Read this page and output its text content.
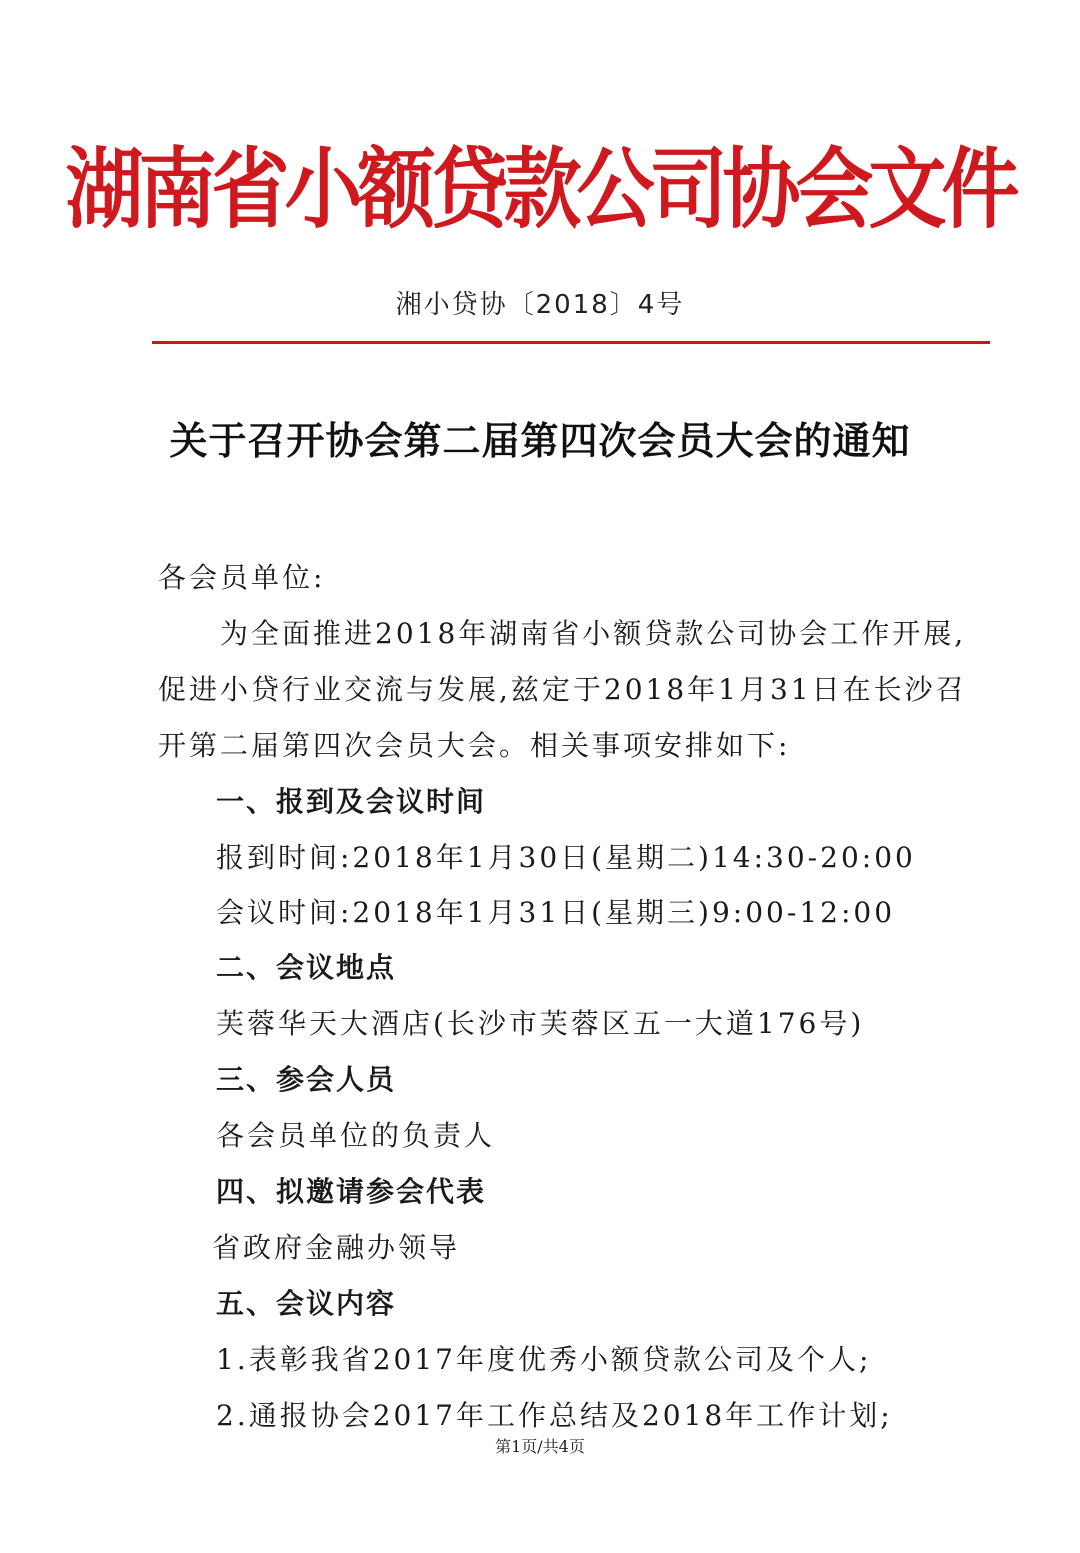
湖南省小额贷款公司协会文件
湘小贷协〔2018〕4号
关于召开协会第二届第四次会员大会的通知
各会员单位:
　　为全面推进2018年湖南省小额贷款公司协会工作开展,
促进小贷行业交流与发展,兹定于2018年1月31日在长沙召
开第二届第四次会员大会。相关事项安排如下:
一、报到及会议时间
报到时间:2018年1月30日(星期二)14:30-20:00
会议时间:2018年1月31日(星期三)9:00-12:00
二、会议地点
芙蓉华天大酒店(长沙市芙蓉区五一大道176号)
三、参会人员
各会员单位的负责人
四、拟邀请参会代表
省政府金融办领导
五、会议内容
1.表彰我省2017年度优秀小额贷款公司及个人;
2.通报协会2017年工作总结及2018年工作计划;
第1页/共4页
